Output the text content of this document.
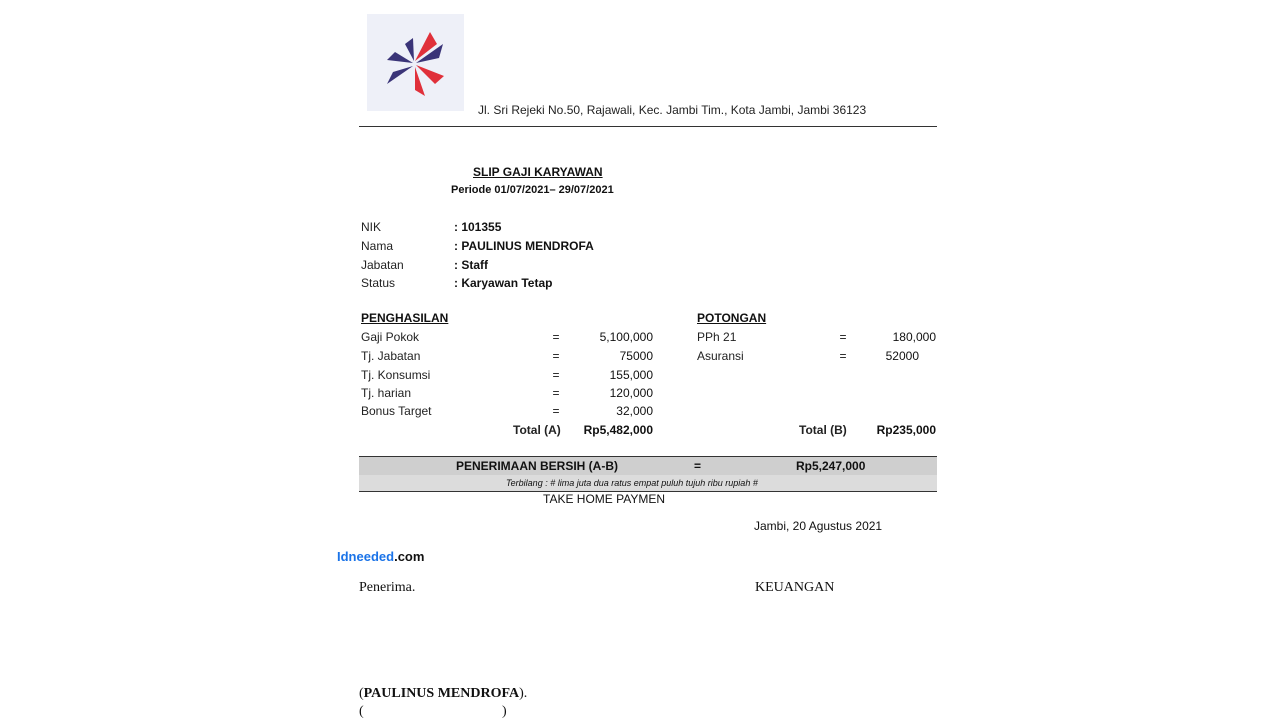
Jl. Sri Rejeki No.50, Rajawali, Kec. Jambi Tim., Kota Jambi, Jambi 36123
SLIP GAJI KARYAWAN
Periode 01/07/2021– 29/07/2021
NIK	: 101355
Nama	: PAULINUS MENDROFA
Jabatan	: Staff
Status	: Karyawan Tetap
PENGHASILAN
Gaji Pokok	=	5,100,000
Tj. Jabatan	=	75000
Tj. Konsumsi	=	155,000
Tj. harian	=	120,000
Bonus Target	=	32,000
Total (A)	Rp5,482,000
POTONGAN
PPh 21	=	180,000
Asuransi	=	52000
Total (B)	Rp235,000
PENERIMAAN BERSIH (A-B)	=	Rp5,247,000
Terbilang : # lima juta dua ratus empat puluh tujuh ribu rupiah #
TAKE HOME PAYMEN
Jambi, 20 Agustus 2021
Idneeded.com
Penerima.	KEUANGAN
(PAULINUS MENDROFA).
(	)
